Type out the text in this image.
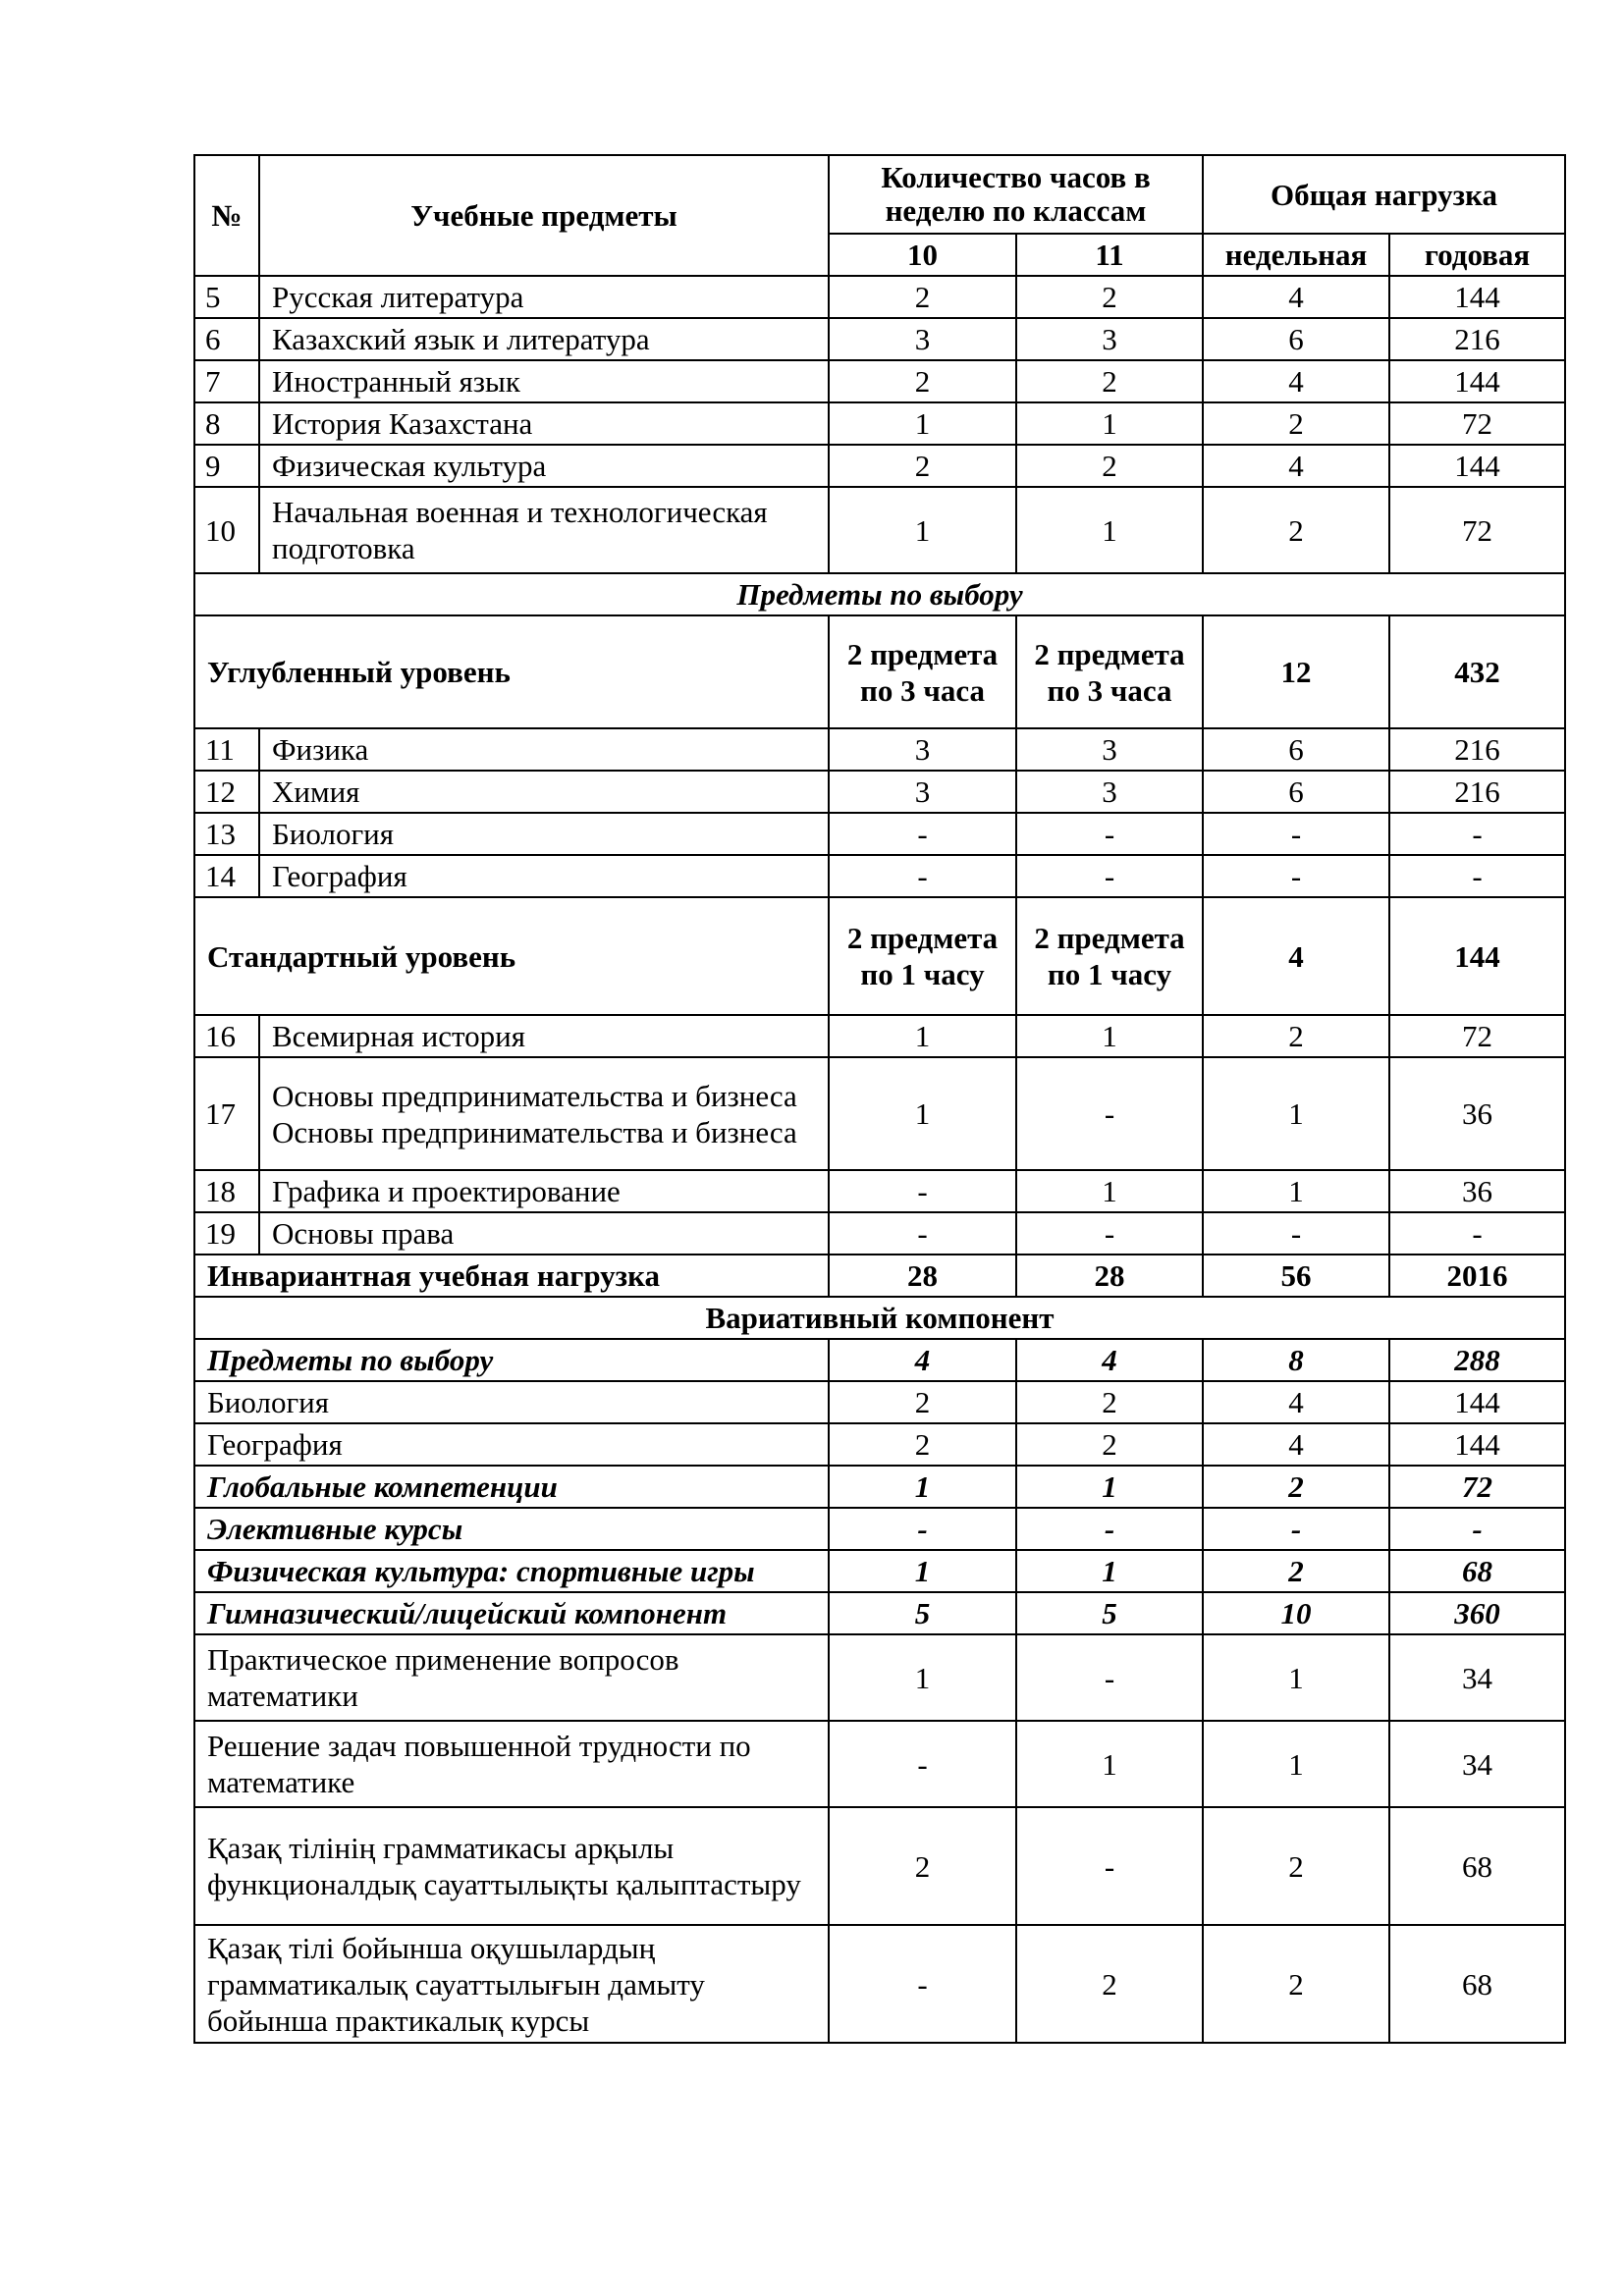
№	Учебные предметы	Количество часов в неделю по классам		Общая нагрузка	
		10	11	недельная	годовая
5	Русская литература	2	2	4	144
6	Казахский язык и литература	3	3	6	216
7	Иностранный язык	2	2	4	144
8	История Казахстана	1	1	2	72
9	Физическая культура	2	2	4	144
10	Начальная военная и технологическая подготовка	1	1	2	72
Предметы по выбору					
Углубленный уровень		2 предмета по 3 часа	2 предмета по 3 часа	12	432
11	Физика	3	3	6	216
12	Химия	3	3	6	216
13	Биология	-	-	-	-
14	География	-	-	-	-
Стандартный уровень		2 предмета по 1 часу	2 предмета по 1 часу	4	144
16	Всемирная история	1	1	2	72
17	Основы предпринимательства и бизнеса Основы предпринимательства и бизнеса	1	-	1	36
18	Графика и проектирование	-	1	1	36
19	Основы права	-	-	-	-
Инвариантная учебная нагрузка		28	28	56	2016
Вариативный компонент					
Предметы по выбору		4	4	8	288
Биология		2	2	4	144
География		2	2	4	144
Глобальные компетенции		1	1	2	72
Элективные курсы		-	-	-	-
Физическая культура: спортивные игры		1	1	2	68
Гимназический/лицейский компонент		5	5	10	360
Практическое применение вопросов математики		1	-	1	34
Решение задач повышенной трудности по математике		-	1	1	34
Қазақ тілінің грамматикасы арқылы функционалдық сауаттылықты қалыптастыру		2	-	2	68
Қазақ тілі бойынша оқушылардың грамматикалық сауаттылығын дамыту бойынша практикалық курсы		-	2	2	68
